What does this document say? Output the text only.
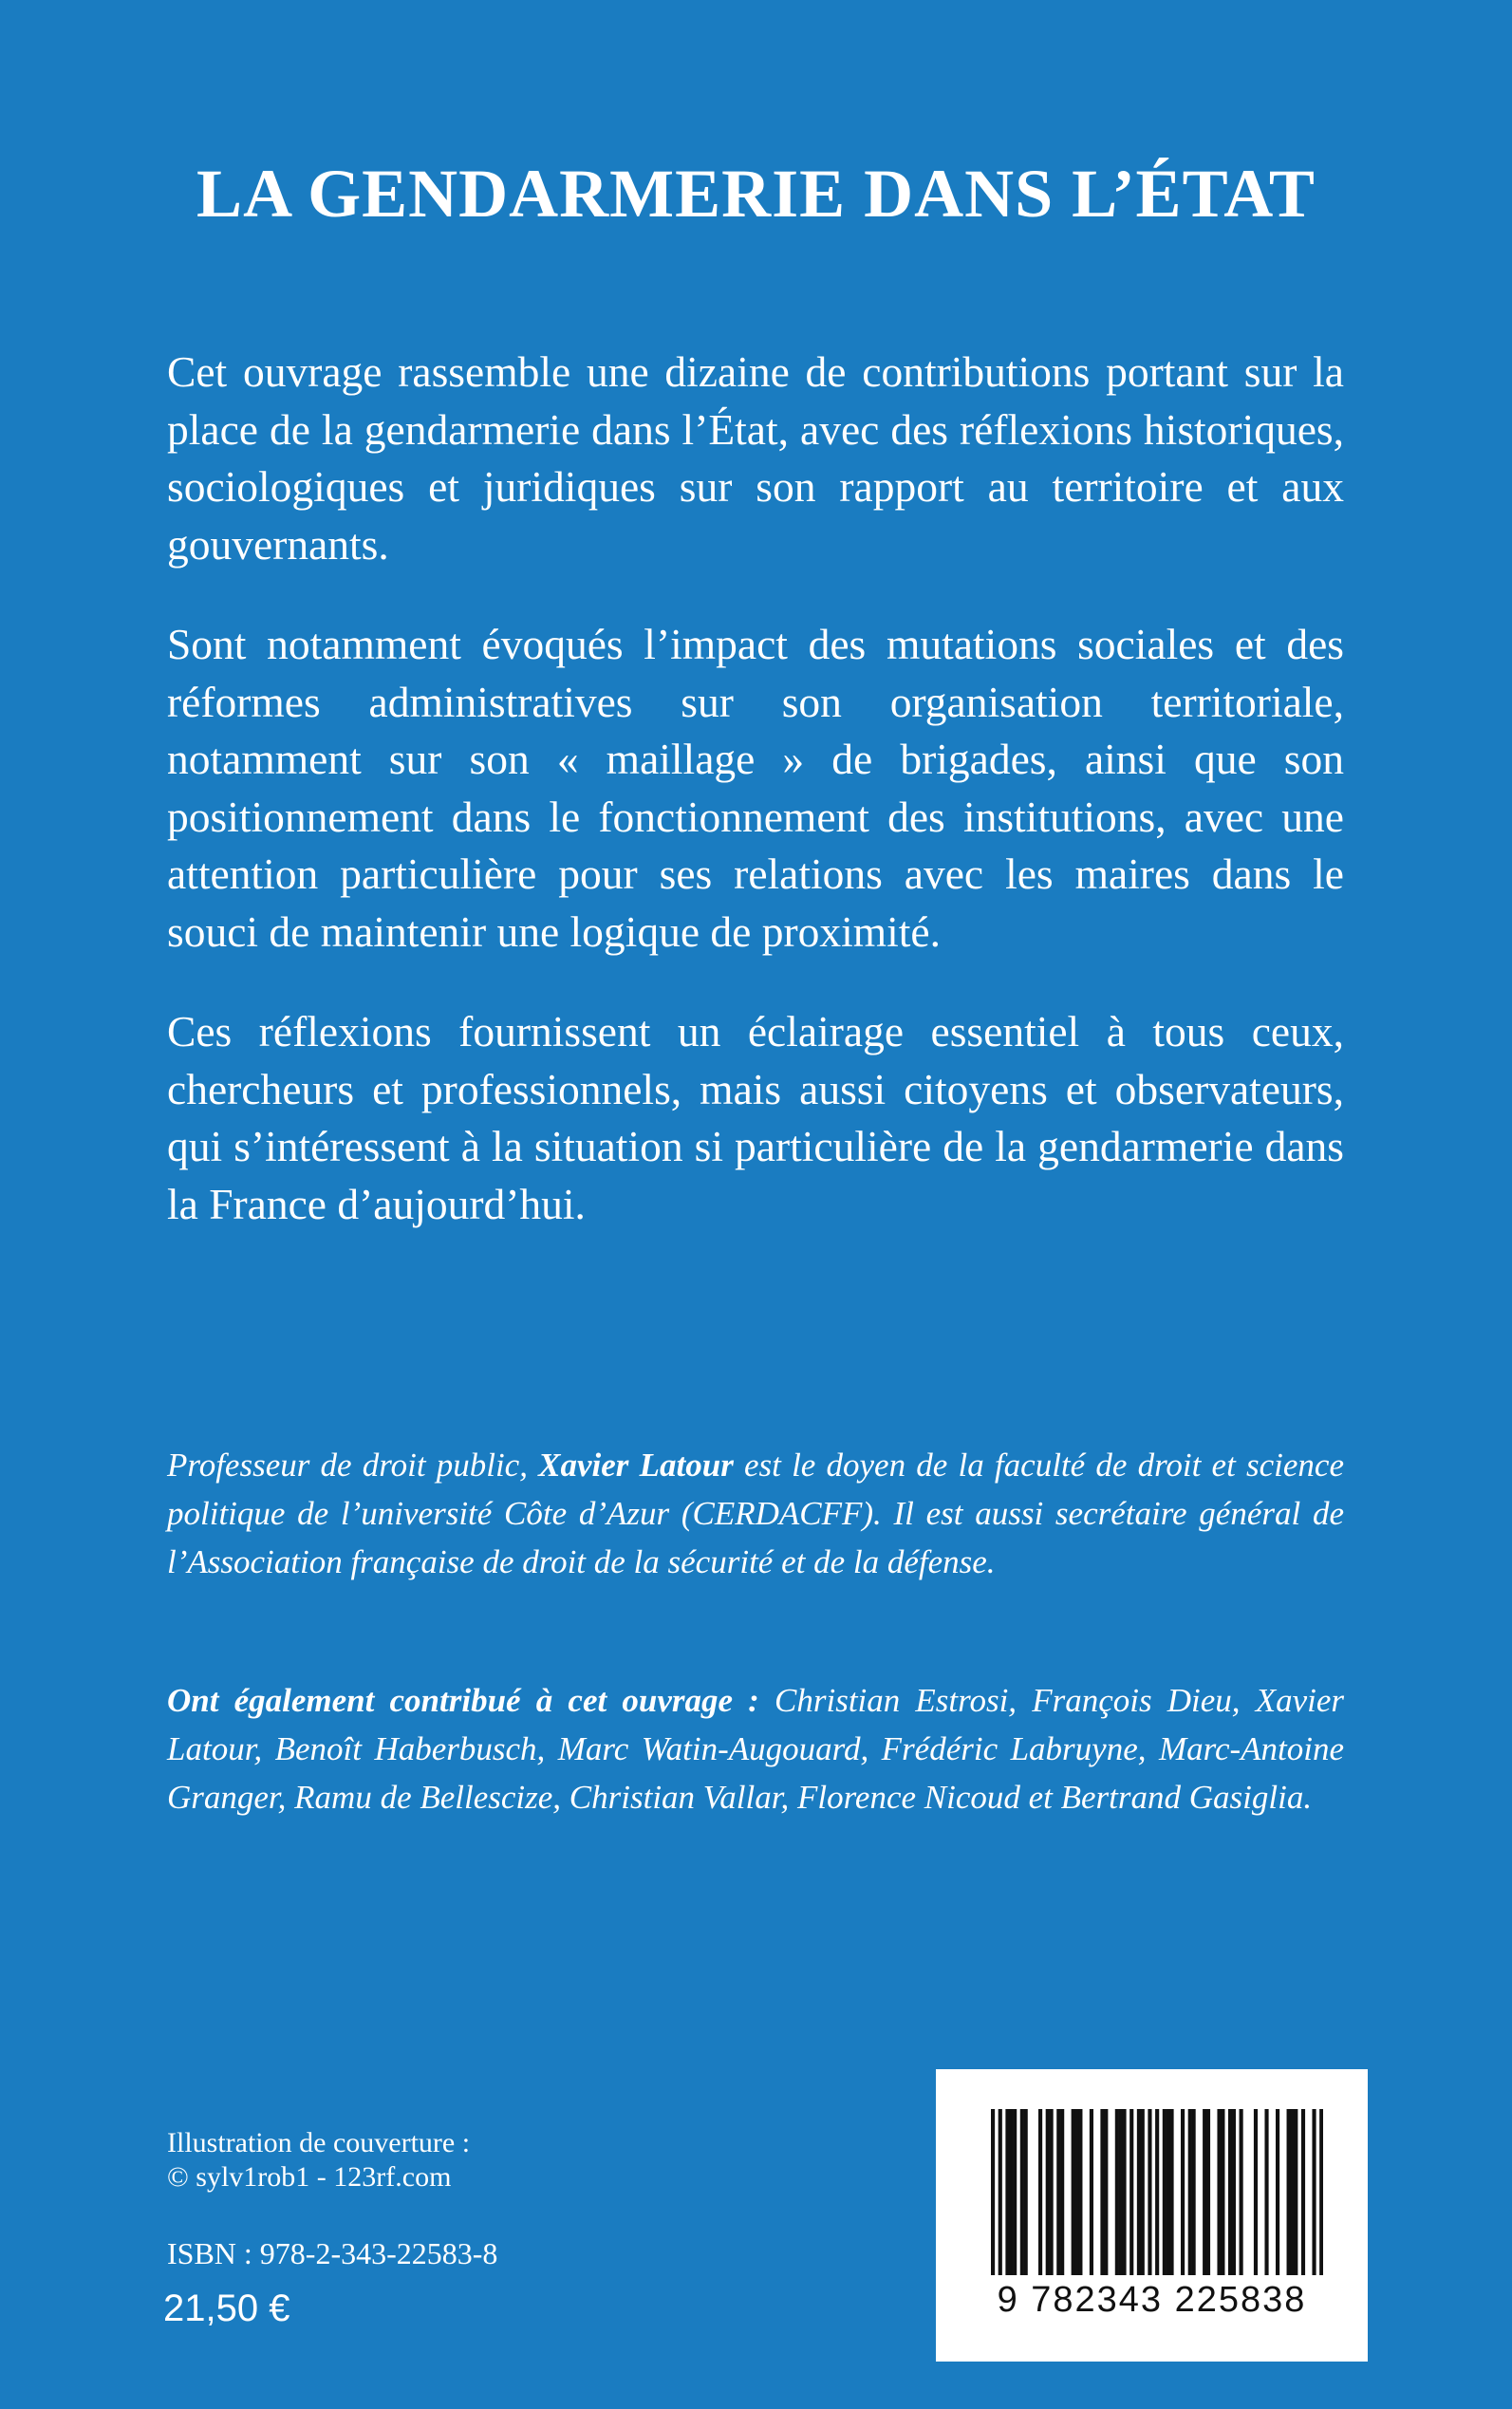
LA GENDARMERIE DANS L’ÉTAT

Cet ouvrage rassemble une dizaine de contributions portant sur la place de la gendarmerie dans l’État, avec des réflexions historiques, sociologiques et juridiques sur son rapport au territoire et aux gouvernants.

Sont notamment évoqués l’impact des mutations sociales et des réformes administratives sur son organisation territoriale, notamment sur son « maillage » de brigades, ainsi que son positionnement dans le fonctionnement des institutions, avec une attention particulière pour ses relations avec les maires dans le souci de maintenir une logique de proximité.

Ces réflexions fournissent un éclairage essentiel à tous ceux, chercheurs et professionnels, mais aussi citoyens et observateurs, qui s’intéressent à la situation si particulière de la gendarmerie dans la France d’aujourd’hui.

Professeur de droit public, Xavier Latour est le doyen de la faculté de droit et science politique de l’université Côte d’Azur (CERDACFF). Il est aussi secrétaire général de l’Association française de droit de la sécurité et de la défense.

Ont également contribué à cet ouvrage : Christian Estrosi, François Dieu, Xavier Latour, Benoît Haberbusch, Marc Watin-Augouard, Frédéric Labruyne, Marc-Antoine Granger, Ramu de Bellescize, Christian Vallar, Florence Nicoud et Bertrand Gasiglia.

Illustration de couverture :
© sylv1rob1 - 123rf.com
ISBN : 978-2-343-22583-8
21,50 €	9 782343 225838
